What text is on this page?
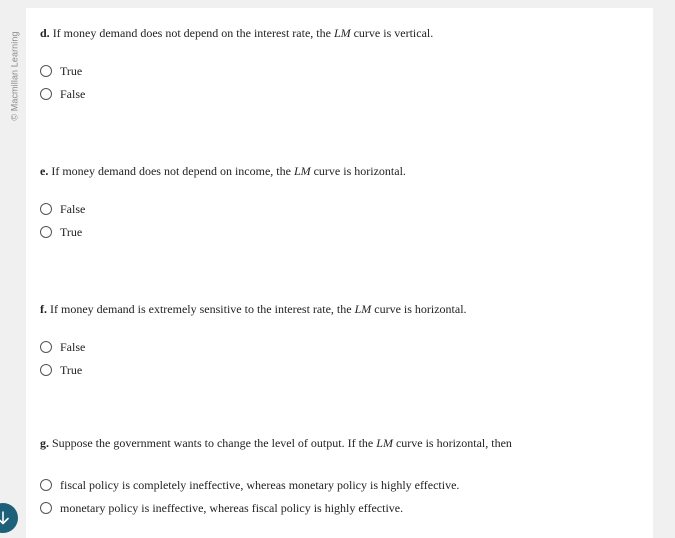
© Macmillan Learning d. If money demand does not depend on the interest rate, the LM curve is vertical.
True
False
e. If money demand does not depend on income, the LM curve is horizontal.
False
True
f. If money demand is extremely sensitive to the interest rate, the LM curve is horizontal.
False
True
g. Suppose the government wants to change the level of output. If the LM curve is horizontal, then
fiscal policy is completely ineffective, whereas monetary policy is highly effective.
monetary policy is ineffective, whereas fiscal policy is highly effective.
